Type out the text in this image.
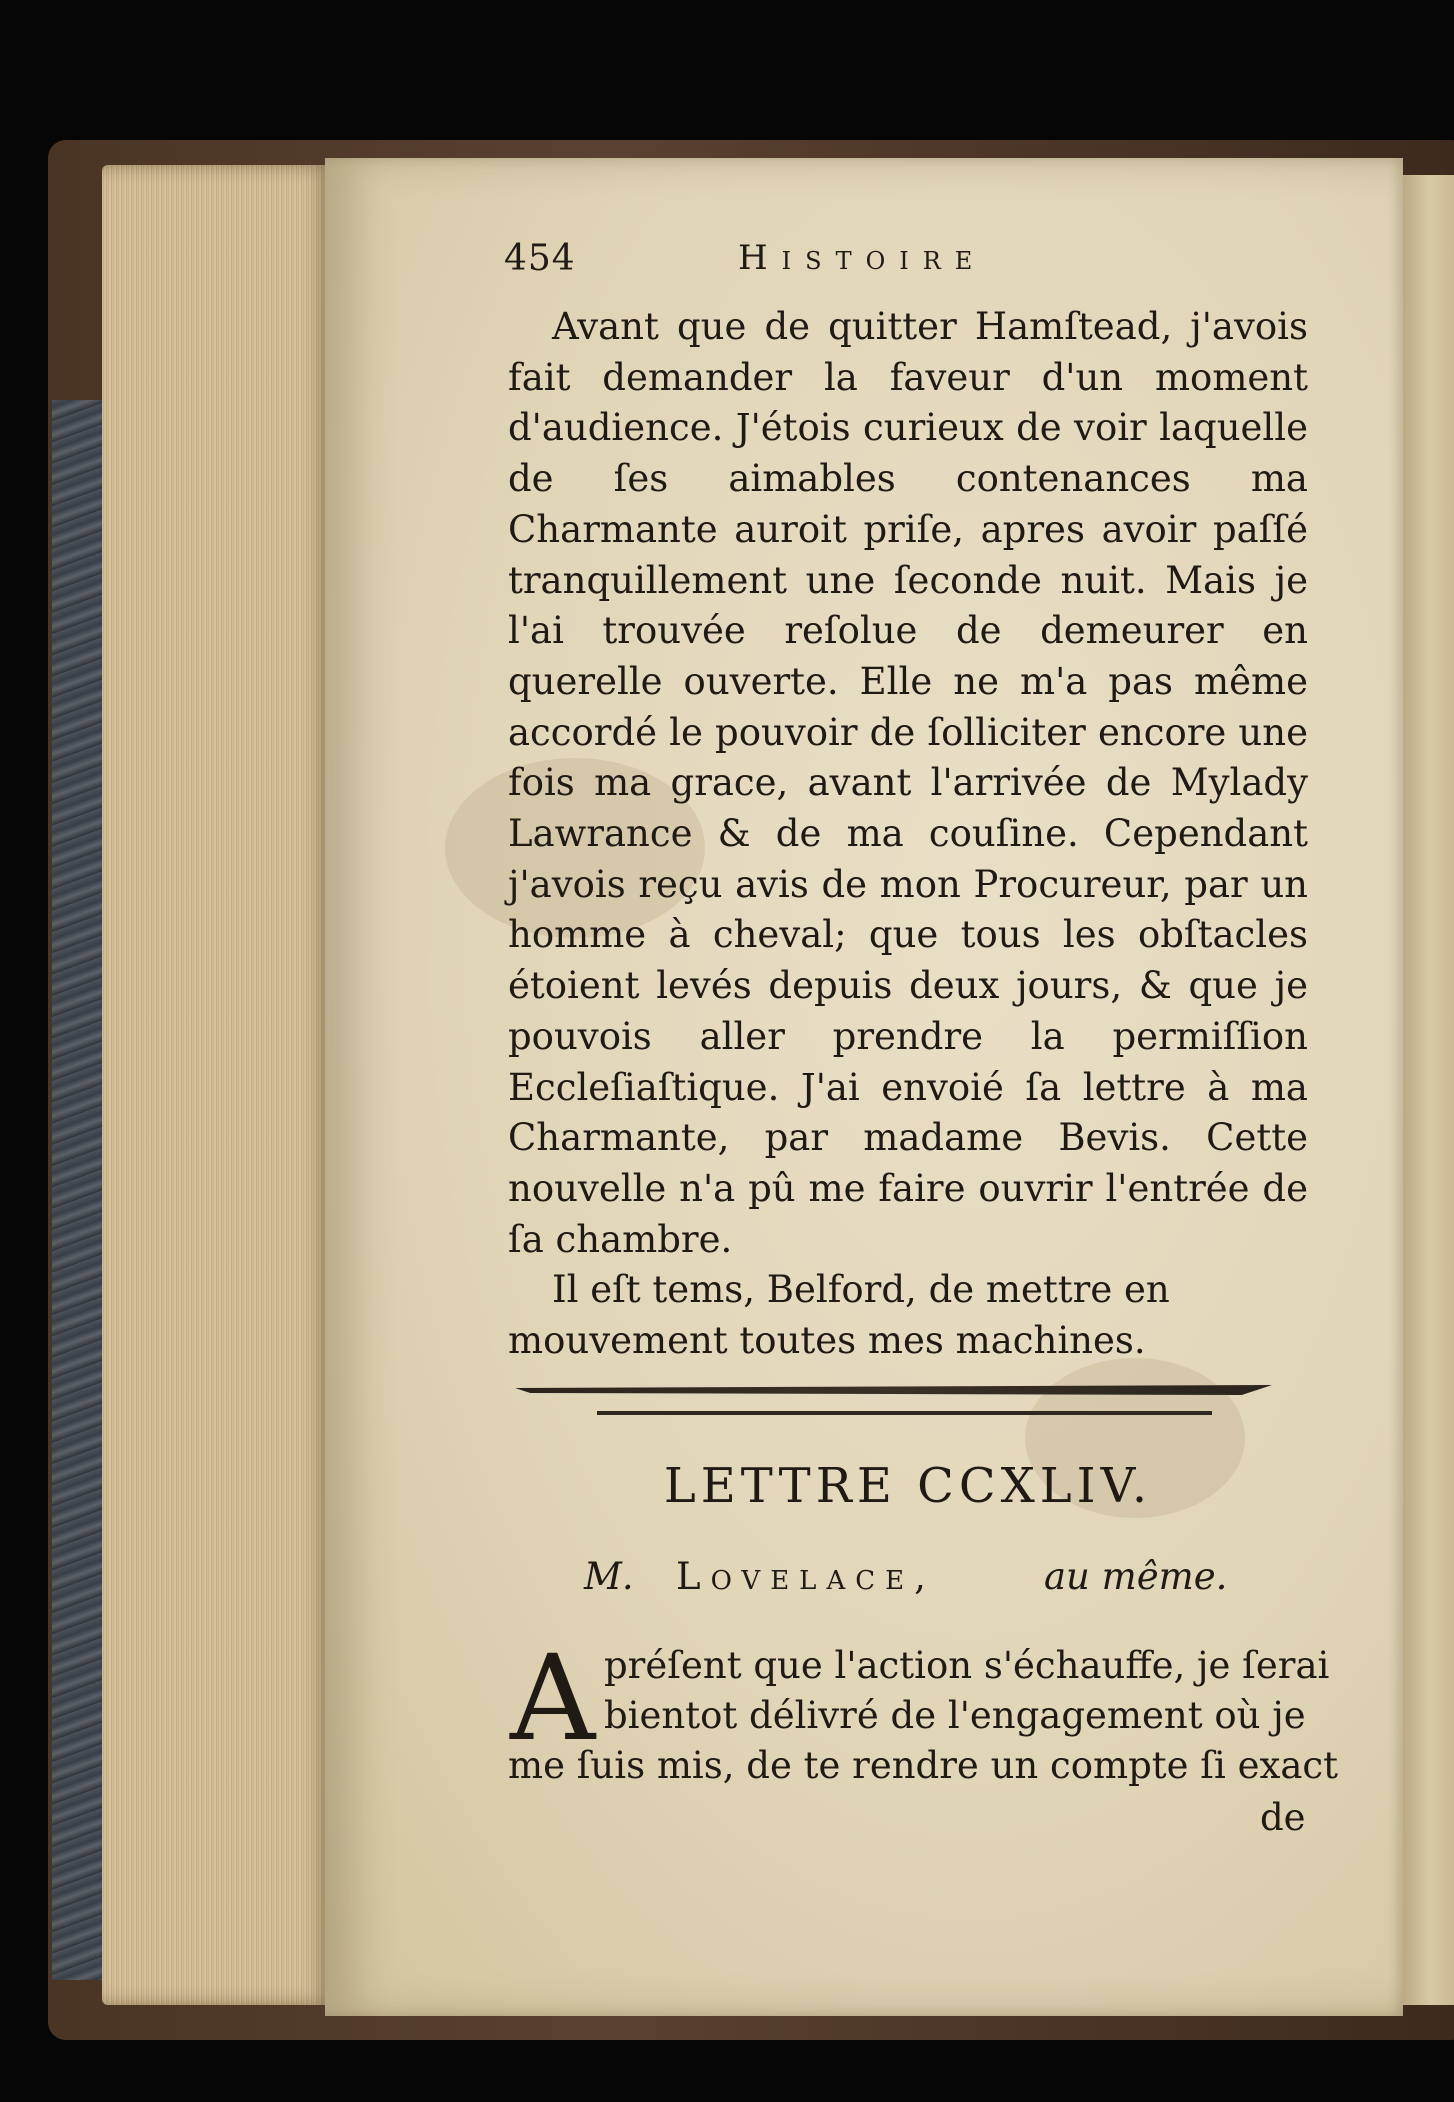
454	Histoire

Avant que de quitter Hamſtead, j'avois fait demander la faveur d'un moment d'audience. J'étois curieux de voir laquelle de ſes aimables contenances ma Charmante auroit priſe, apres avoir paſſé tranquillement une ſeconde nuit. Mais je l'ai trouvée reſolue de demeurer en querelle ouverte. Elle ne m'a pas même accordé le pouvoir de ſolliciter encore une fois ma grace, avant l'arrivée de Mylady Lawrance & de ma couſine. Cependant j'avois reçu avis de mon Procureur, par un homme à cheval; que tous les obſtacles étoient levés depuis deux jours, & que je pouvois aller prendre la permiſſion Eccleſiaſtique. J'ai envoié ſa lettre à ma Charmante, par madame Bevis. Cette nouvelle n'a pû me faire ouvrir l'entrée de ſa chambre.

Il eſt tems, Belford, de mettre en mouvement toutes mes machines.

LETTRE CCXLIV.
M. Lovelace,	au même.
A préſent que l'action s'échauffe, je ſerai
bientot délivré de l'engagement où je
me ſuis mis, de te rendre un compte ſi exact
de
